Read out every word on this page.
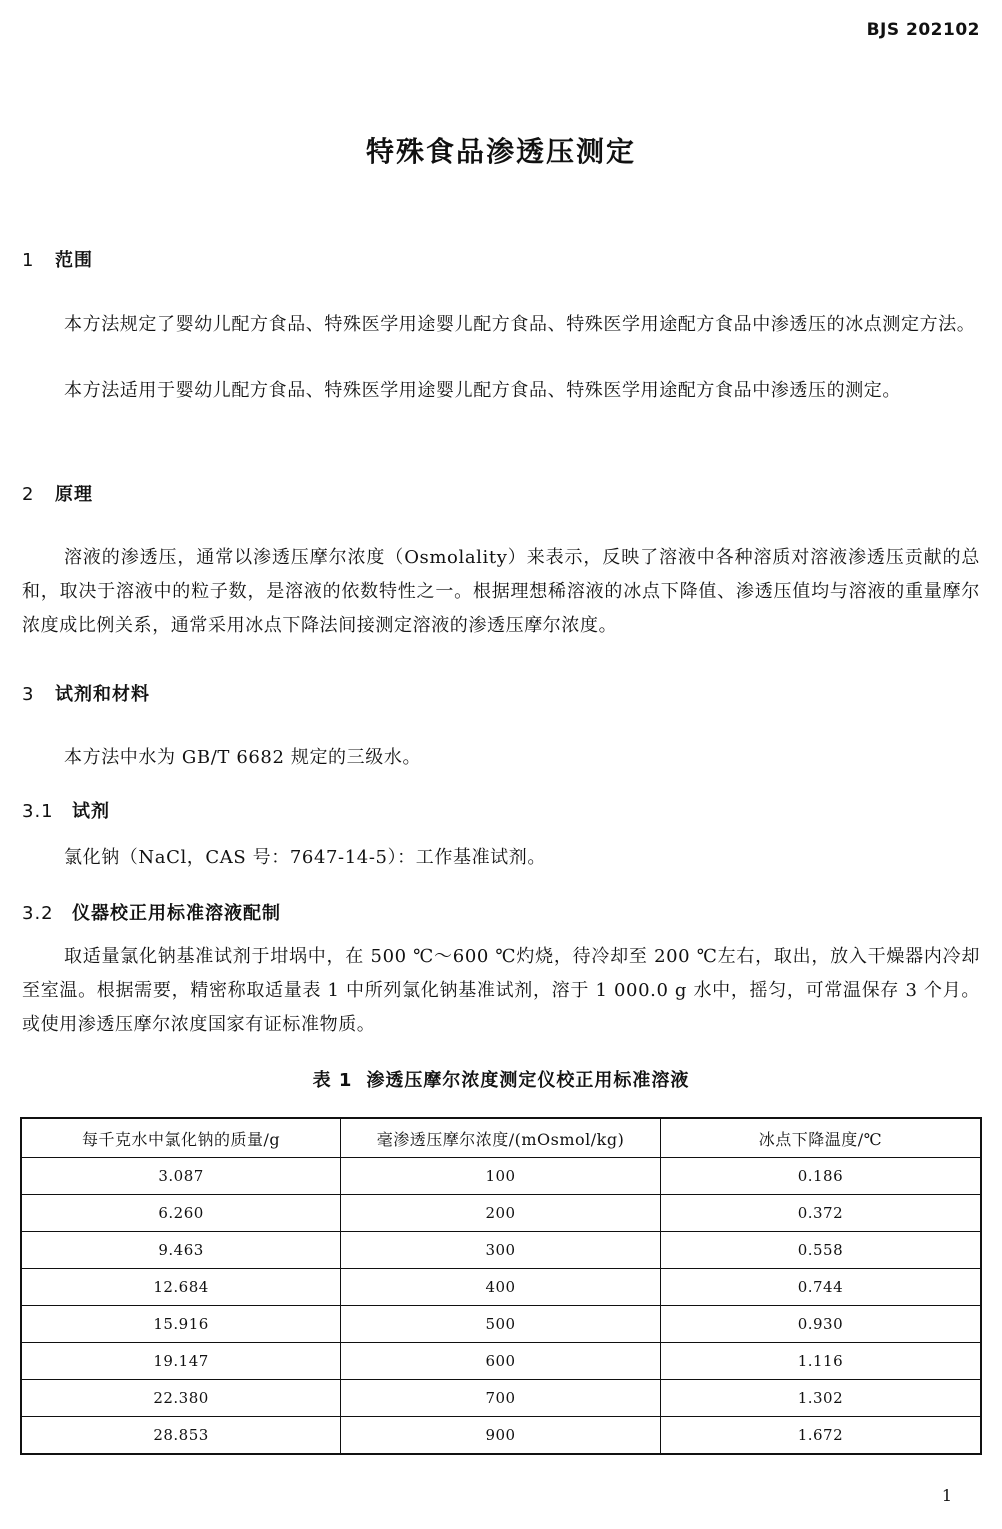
BJS 202102
特殊食品渗透压测定
1 范围

本方法规定了婴幼儿配方食品、特殊医学用途婴儿配方食品、特殊医学用途配方食品中渗透压的冰点测定方法。

本方法适用于婴幼儿配方食品、特殊医学用途婴儿配方食品、特殊医学用途配方食品中渗透压的测定。

2 原理

溶液的渗透压，通常以渗透压摩尔浓度（Osmolality）来表示，反映了溶液中各种溶质对溶液渗透压贡献的总和，取决于溶液中的粒子数，是溶液的依数特性之一。根据理想稀溶液的冰点下降值、渗透压值均与溶液的重量摩尔浓度成比例关系，通常采用冰点下降法间接测定溶液的渗透压摩尔浓度。

3 试剂和材料

本方法中水为 GB/T 6682 规定的三级水。

3.1 试剂

氯化钠（NaCl，CAS 号：7647-14-5）：工作基准试剂。

3.2 仪器校正用标准溶液配制

取适量氯化钠基准试剂于坩埚中，在 500 ℃～600 ℃灼烧，待冷却至 200 ℃左右，取出，放入干燥器内冷却至室温。根据需要，精密称取适量表 1 中所列氯化钠基准试剂，溶于 1 000.0 g 水中，摇匀，可常温保存 3 个月。或使用渗透压摩尔浓度国家有证标准物质。

表 1 渗透压摩尔浓度测定仪校正用标准溶液
每千克水中氯化钠的质量/g	毫渗透压摩尔浓度/(mOsmol/kg)	冰点下降温度/℃
3.087	100	0.186
6.260	200	0.372
9.463	300	0.558
12.684	400	0.744
15.916	500	0.930
19.147	600	1.116
22.380	700	1.302
28.853	900	1.672
1
